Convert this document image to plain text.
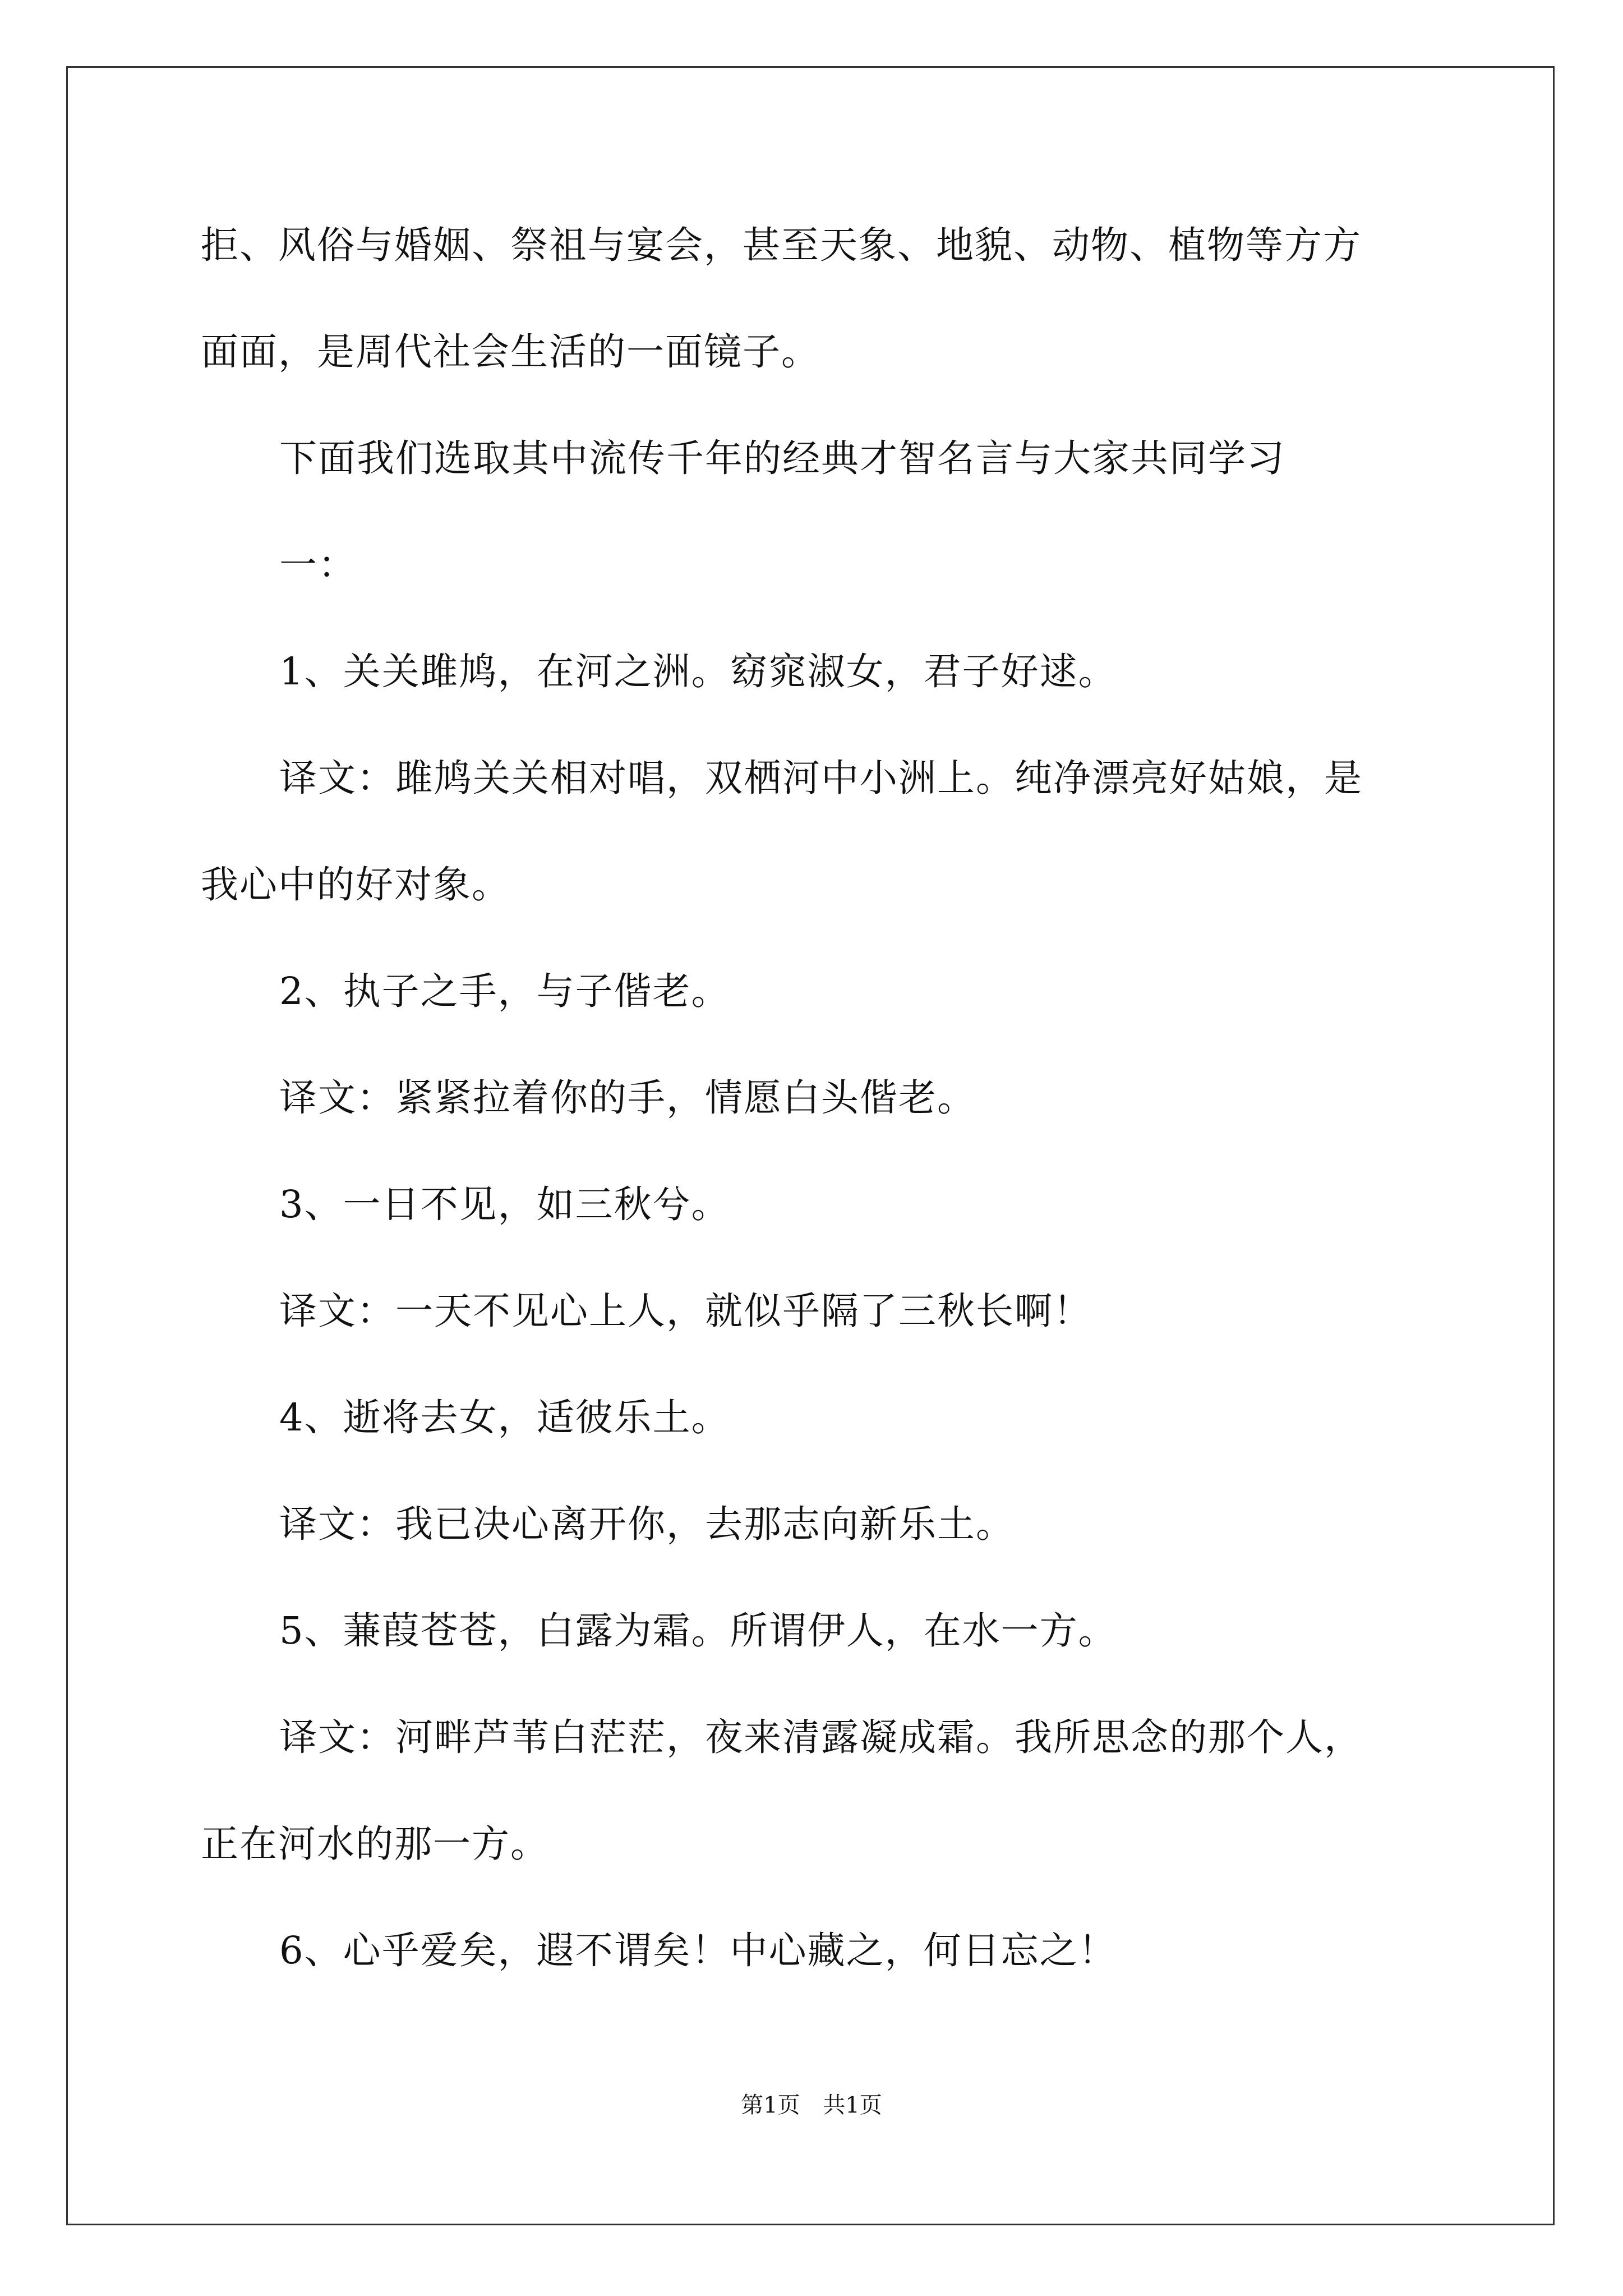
拒、风俗与婚姻、祭祖与宴会，甚至天象、地貌、动物、植物等方方
面面，是周代社会生活的一面镜子。
下面我们选取其中流传千年的经典才智名言与大家共同学习
一：
1、关关雎鸠，在河之洲。窈窕淑女，君子好逑。
译文：雎鸠关关相对唱，双栖河中小洲上。纯净漂亮好姑娘，是
我心中的好对象。
2、执子之手，与子偕老。
译文：紧紧拉着你的手，情愿白头偕老。
3、一日不见，如三秋兮。
译文：一天不见心上人，就似乎隔了三秋长啊！
4、逝将去女，适彼乐土。
译文：我已决心离开你，去那志向新乐土。
5、蒹葭苍苍，白露为霜。所谓伊人，在水一方。
译文：河畔芦苇白茫茫，夜来清露凝成霜。我所思念的那个人，
正在河水的那一方。
6、心乎爱矣，遐不谓矣！中心藏之，何日忘之！
第1页 共1页
